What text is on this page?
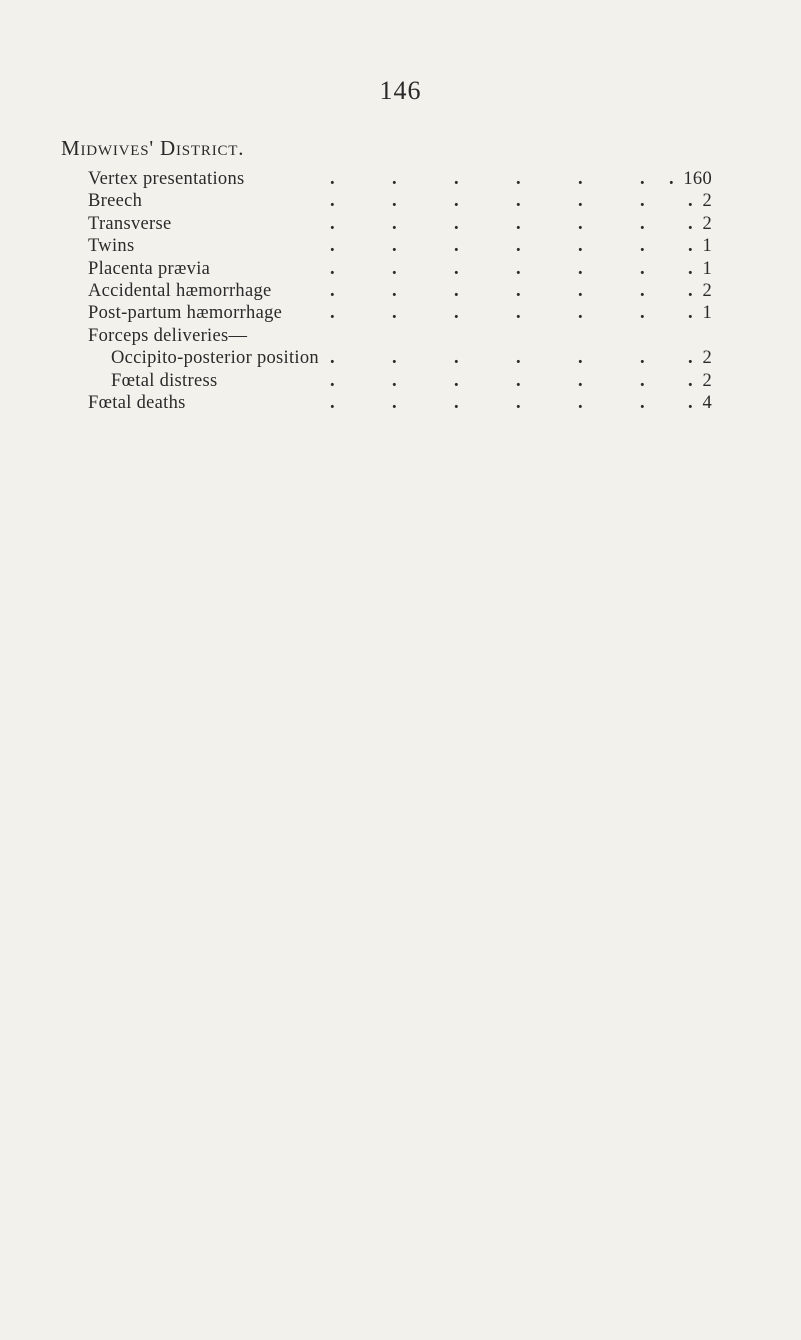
146
Midwives' District.
Vertex presentations	.	.	.	.	.	. . 160
Breech	.	.	.	.	.	. . 2
Transverse	.	.	.	.	.	. . 2
Twins	.	.	.	.	.	. . 1
Placenta prævia	.	.	.	.	.	. . 1
Accidental hæmorrhage	.	.	.	.	.	. . 2
Post-partum hæmorrhage	.	.	.	.	.	. . 1
Forceps deliveries—
Occipito-posterior position .	.	.	.	.	. . 2
Fœtal distress	.	.	.	.	.	. . 2
Fœtal deaths	.	.	.	.	.	. . 4
